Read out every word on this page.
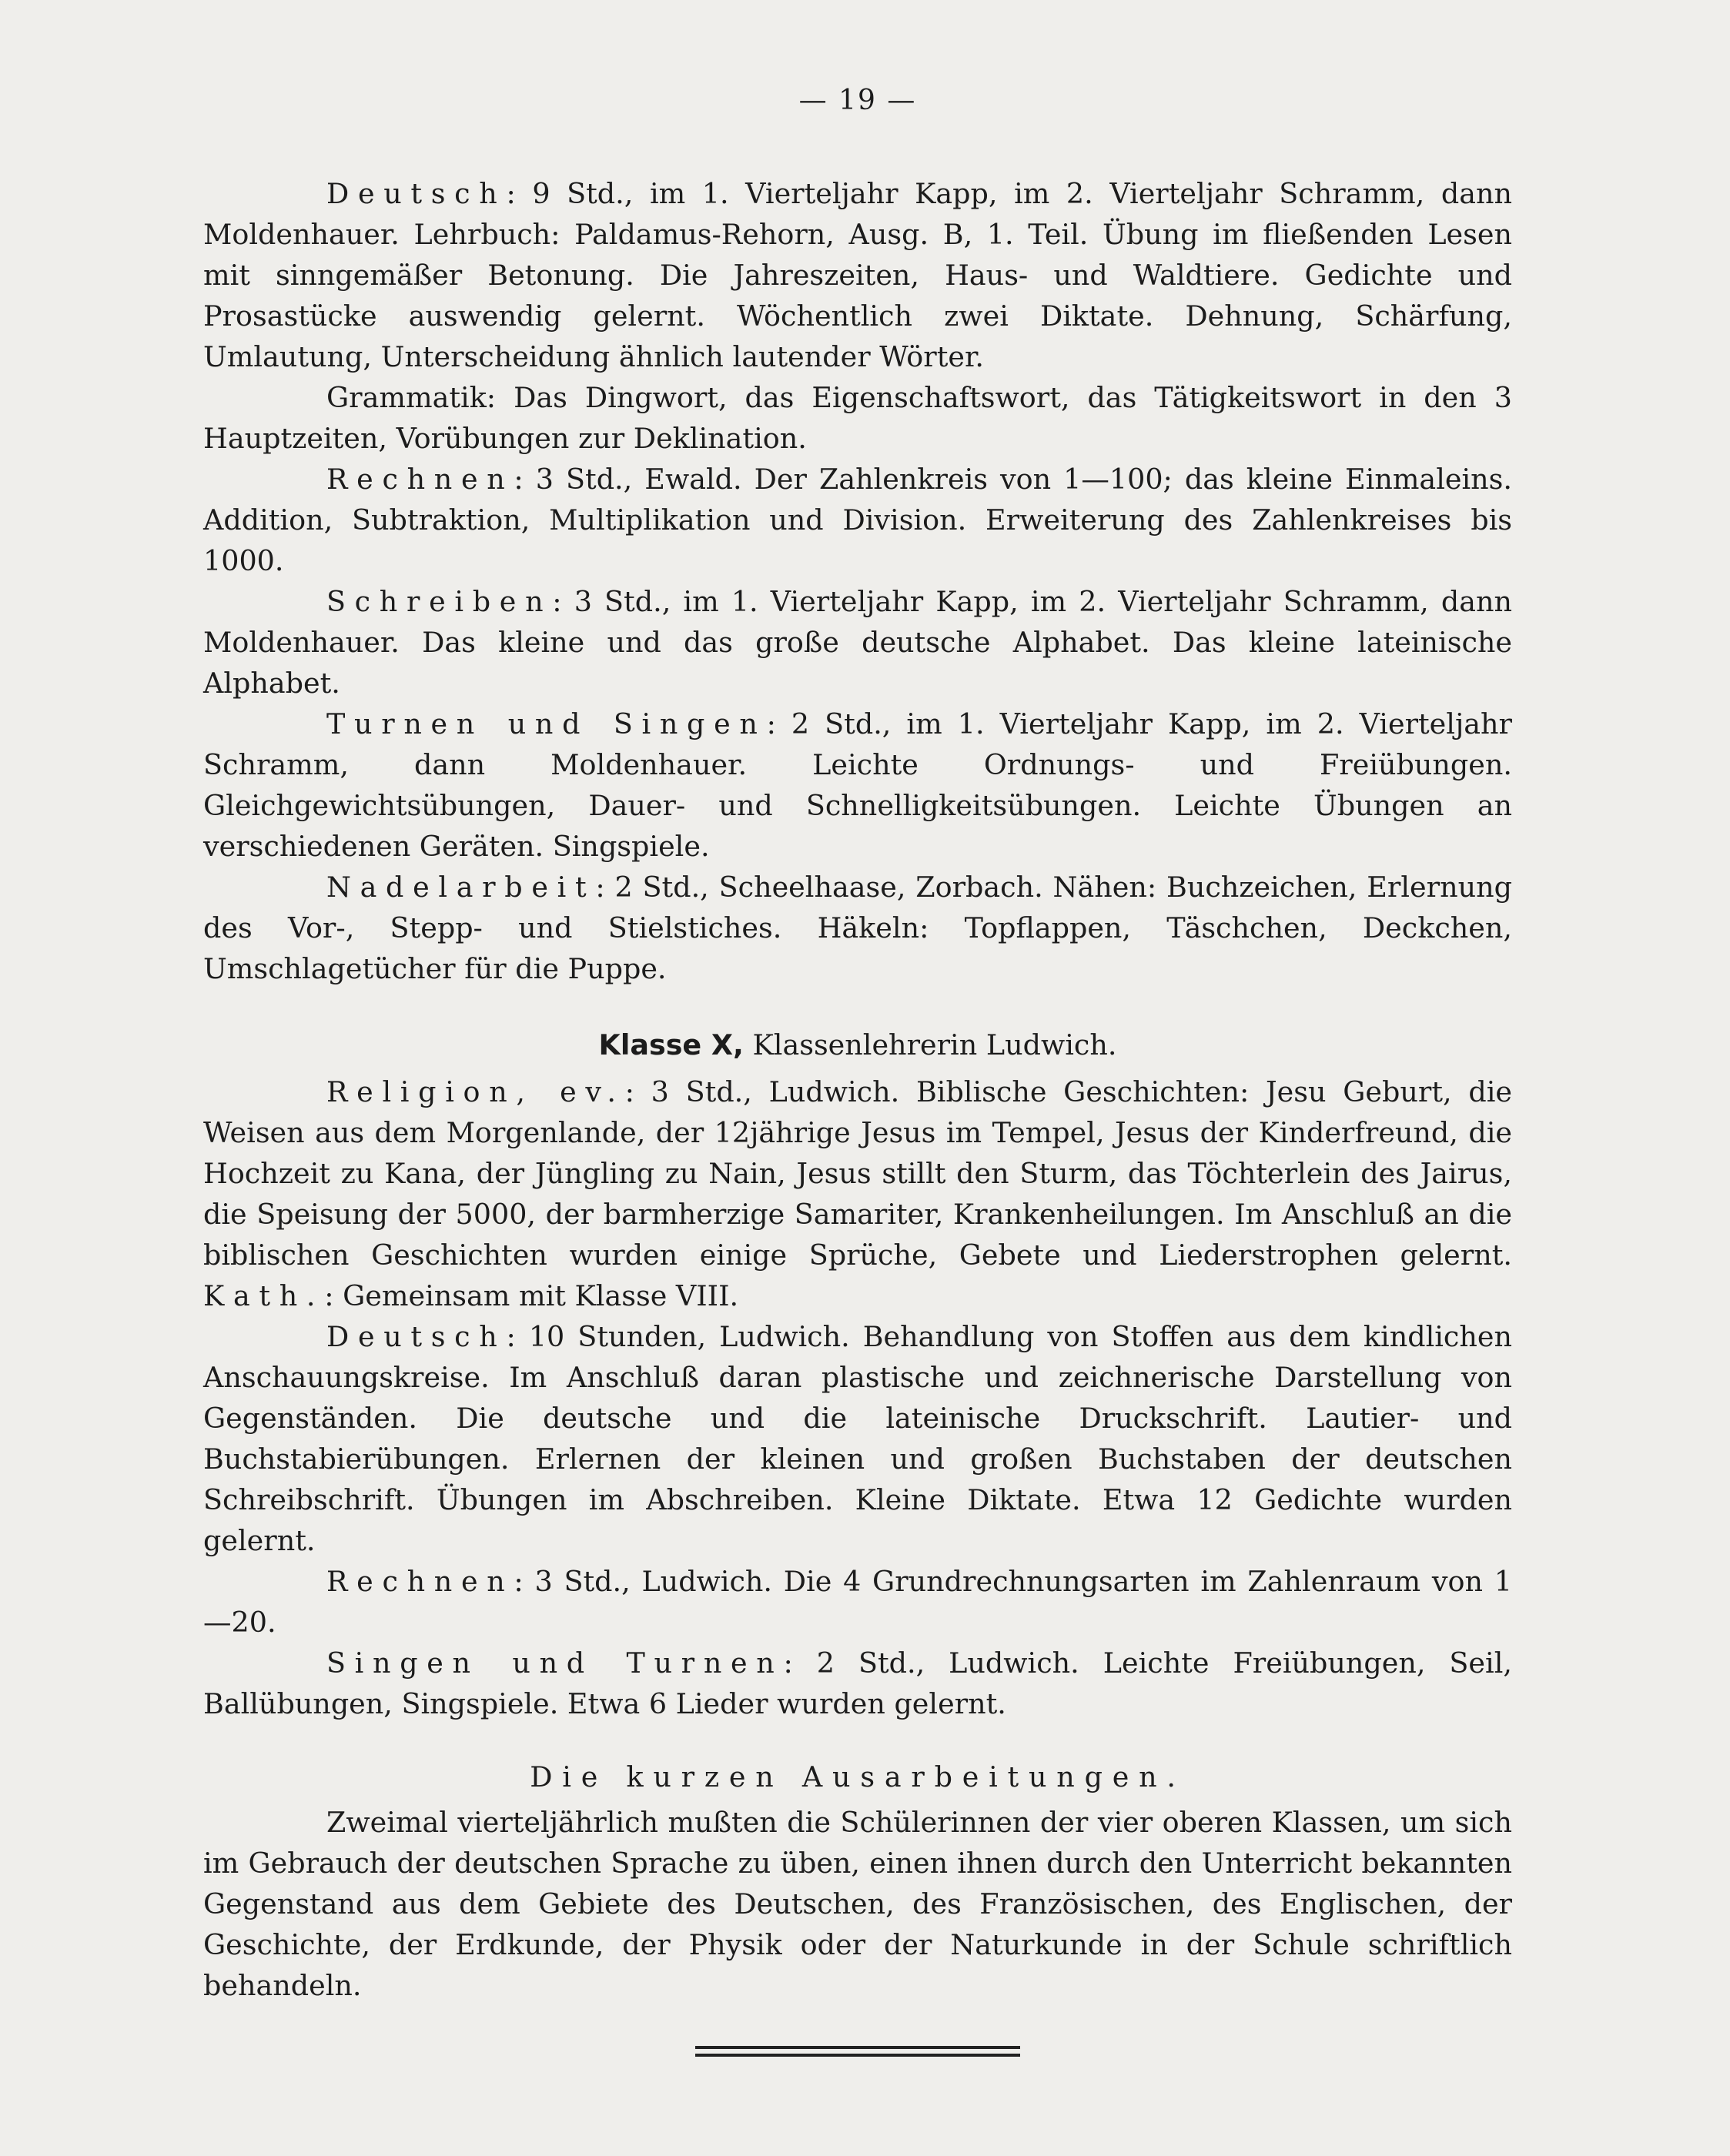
— 19 —

Deutsch: 9 Std., im 1. Vierteljahr Kapp, im 2. Vierteljahr Schramm, dann Moldenhauer. Lehrbuch: Paldamus-Rehorn, Ausg. B, 1. Teil. Übung im fließenden Lesen mit sinngemäßer Betonung. Die Jahreszeiten, Haus- und Waldtiere. Gedichte und Prosastücke auswendig gelernt. Wöchentlich zwei Diktate. Dehnung, Schärfung, Umlautung, Unterscheidung ähnlich lautender Wörter.

Grammatik: Das Dingwort, das Eigenschaftswort, das Tätigkeitswort in den 3 Hauptzeiten, Vorübungen zur Deklination.

Rechnen: 3 Std., Ewald. Der Zahlenkreis von 1—100; das kleine Einmaleins. Addition, Subtraktion, Multiplikation und Division. Erweiterung des Zahlenkreises bis 1000.

Schreiben: 3 Std., im 1. Vierteljahr Kapp, im 2. Vierteljahr Schramm, dann Moldenhauer. Das kleine und das große deutsche Alphabet. Das kleine lateinische Alphabet.

Turnen und Singen: 2 Std., im 1. Vierteljahr Kapp, im 2. Vierteljahr Schramm, dann Moldenhauer. Leichte Ordnungs- und Freiübungen. Gleichgewichtsübungen, Dauer- und Schnelligkeitsübungen. Leichte Übungen an verschiedenen Geräten. Singspiele.

Nadelarbeit: 2 Std., Scheelhaase, Zorbach. Nähen: Buchzeichen, Erlernung des Vor-, Stepp- und Stielstiches. Häkeln: Topflappen, Täschchen, Deckchen, Umschlagetücher für die Puppe.

Klasse X, Klassenlehrerin Ludwich.

Religion, ev.: 3 Std., Ludwich. Biblische Geschichten: Jesu Geburt, die Weisen aus dem Morgenlande, der 12jährige Jesus im Tempel, Jesus der Kinderfreund, die Hochzeit zu Kana, der Jüngling zu Nain, Jesus stillt den Sturm, das Töchterlein des Jairus, die Speisung der 5000, der barmherzige Samariter, Krankenheilungen. Im Anschluß an die biblischen Geschichten wurden einige Sprüche, Gebete und Liederstrophen gelernt. Kath.: Gemeinsam mit Klasse VIII.

Deutsch: 10 Stunden, Ludwich. Behandlung von Stoffen aus dem kindlichen Anschauungskreise. Im Anschluß daran plastische und zeichnerische Darstellung von Gegenständen. Die deutsche und die lateinische Druckschrift. Lautier- und Buchstabierübungen. Erlernen der kleinen und großen Buchstaben der deutschen Schreibschrift. Übungen im Abschreiben. Kleine Diktate. Etwa 12 Gedichte wurden gelernt.

Rechnen: 3 Std., Ludwich. Die 4 Grundrechnungsarten im Zahlenraum von 1—20.

Singen und Turnen: 2 Std., Ludwich. Leichte Freiübungen, Seil, Ballübungen, Singspiele. Etwa 6 Lieder wurden gelernt.

Die kurzen Ausarbeitungen.

Zweimal vierteljährlich mußten die Schülerinnen der vier oberen Klassen, um sich im Gebrauch der deutschen Sprache zu üben, einen ihnen durch den Unterricht bekannten Gegenstand aus dem Gebiete des Deutschen, des Französischen, des Englischen, der Geschichte, der Erdkunde, der Physik oder der Naturkunde in der Schule schriftlich behandeln.
